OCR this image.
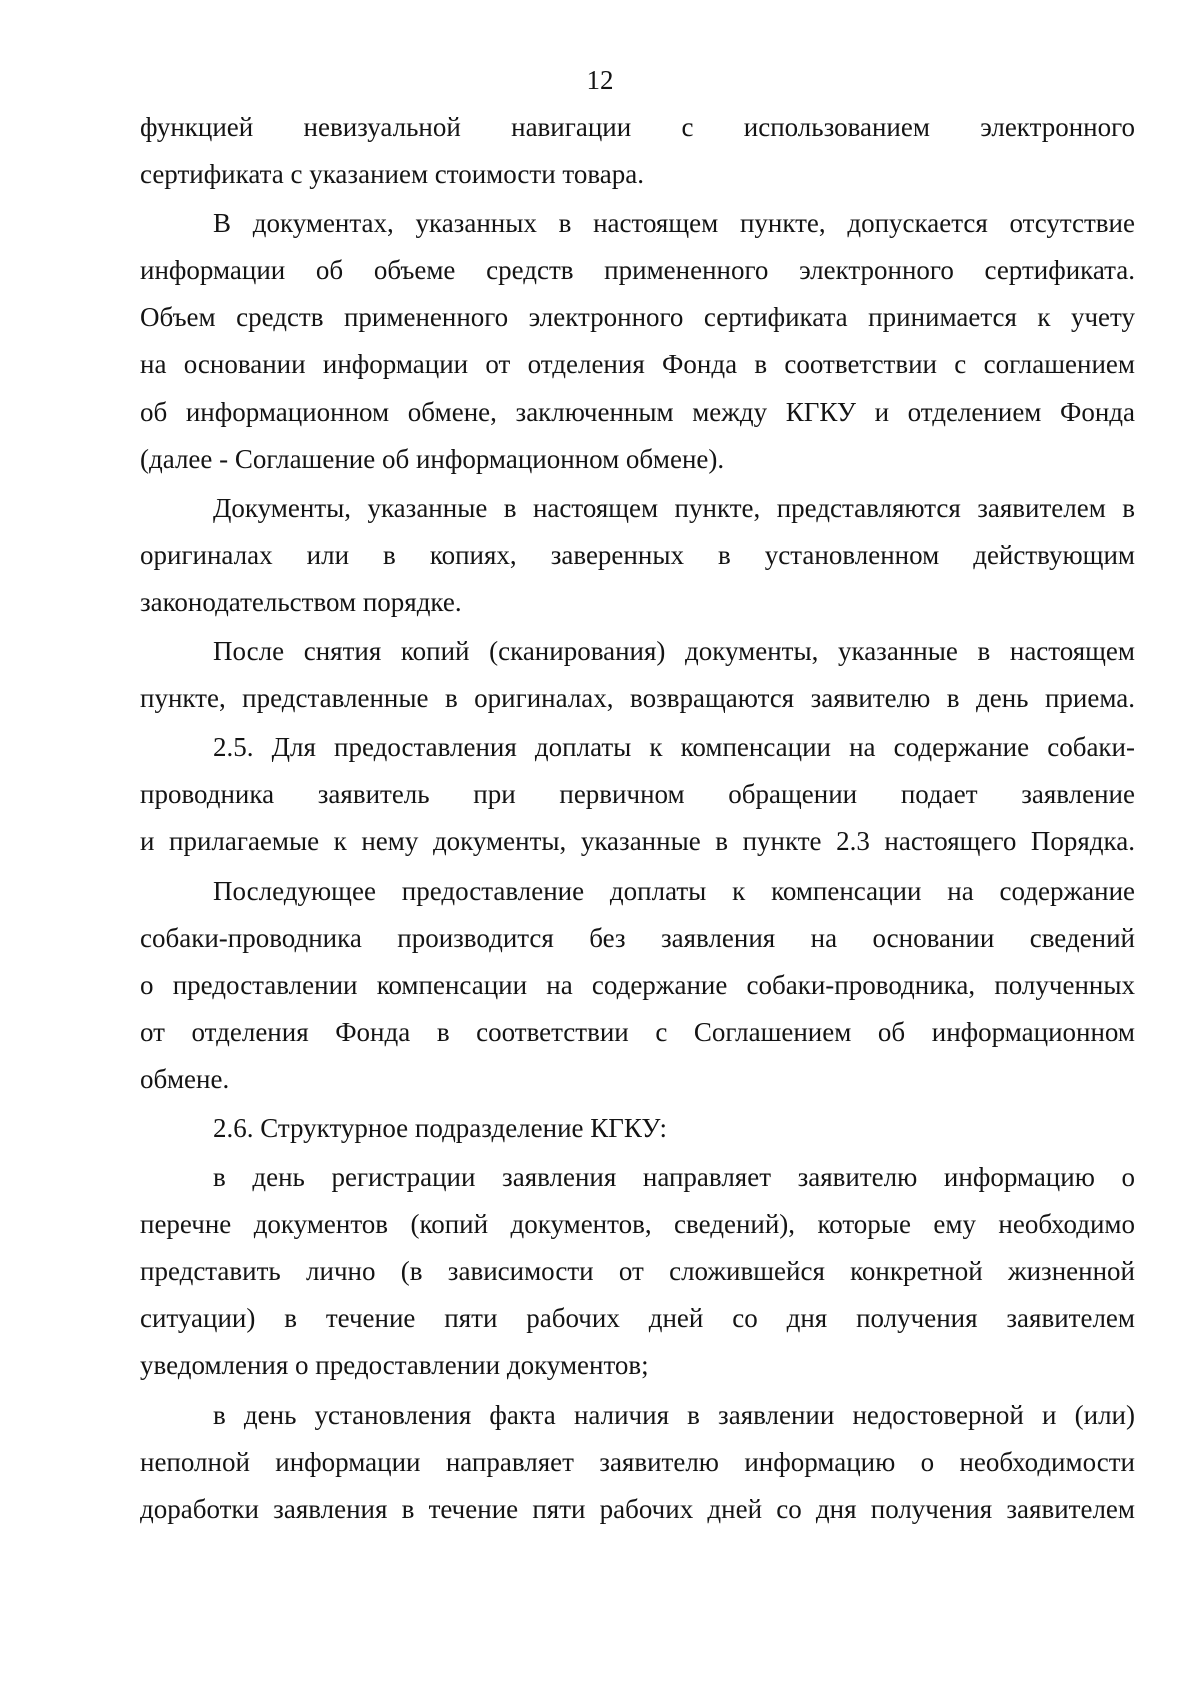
12

функцией невизуальной навигации с использованием электронного

сертификата с указанием стоимости товара.

В документах, указанных в настоящем пункте, допускается отсутствие

информации об объеме средств примененного электронного сертификата.

Объем средств примененного электронного сертификата принимается к учету

на основании информации от отделения Фонда в соответствии с соглашением

об информационном обмене, заключенным между КГКУ и отделением Фонда

(далее - Соглашение об информационном обмене).

Документы, указанные в настоящем пункте, представляются заявителем в

оригиналах или в копиях, заверенных в установленном действующим

законодательством порядке.

После снятия копий (сканирования) документы, указанные в настоящем

пункте, представленные в оригиналах, возвращаются заявителю в день приема.

2.5. Для предоставления доплаты к компенсации на содержание собаки-

проводника заявитель при первичном обращении подает заявление

и прилагаемые к нему документы, указанные в пункте 2.3 настоящего Порядка.

Последующее предоставление доплаты к компенсации на содержание

собаки-проводника производится без заявления на основании сведений

о предоставлении компенсации на содержание собаки-проводника, полученных

от отделения Фонда в соответствии с Соглашением об информационном

обмене.

2.6. Структурное подразделение КГКУ:

в день регистрации заявления направляет заявителю информацию о

перечне документов (копий документов, сведений), которые ему необходимо

представить лично (в зависимости от сложившейся конкретной жизненной

ситуации) в течение пяти рабочих дней со дня получения заявителем

уведомления о предоставлении документов;

в день установления факта наличия в заявлении недостоверной и (или)

неполной информации направляет заявителю информацию о необходимости

доработки заявления в течение пяти рабочих дней со дня получения заявителем
